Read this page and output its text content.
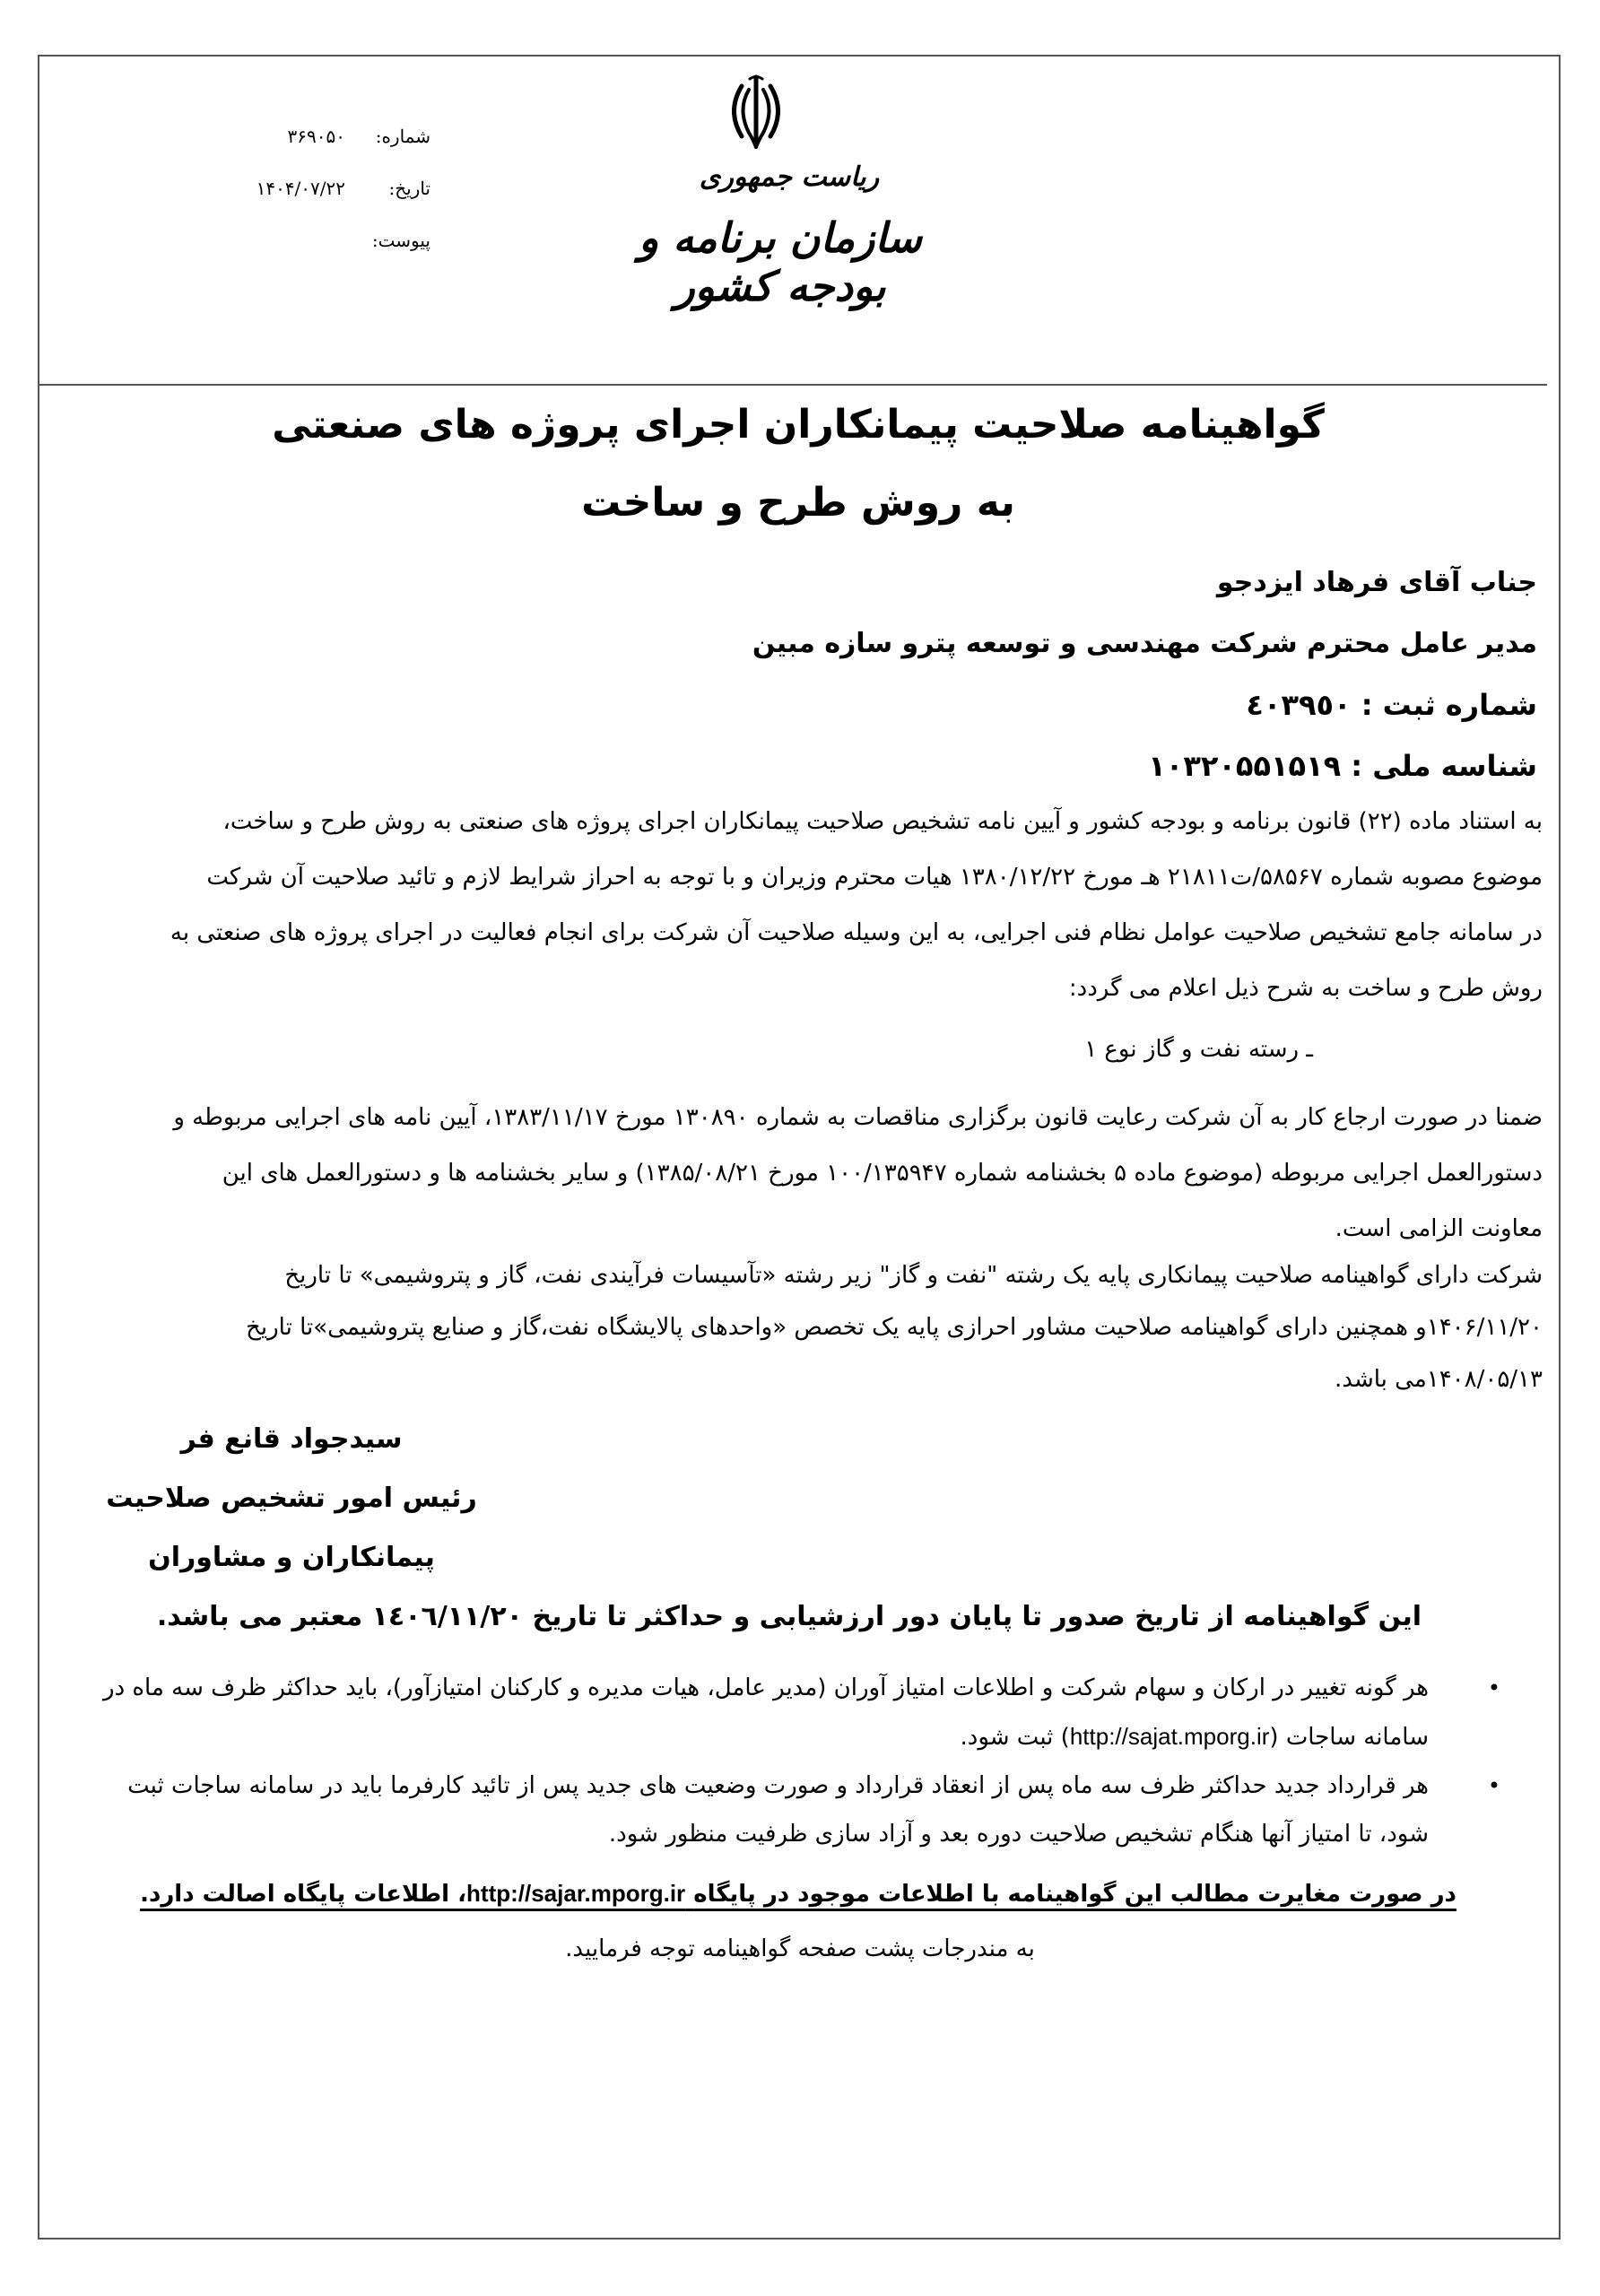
شماره:
۳۶۹۰۵۰
تاریخ:
۱۴۰۴/۰۷/۲۲
پیوست:
ریاست جمهوری
سازمان برنامه و بودجه کشور
گواهینامه صلاحیت پیمانکاران اجرای پروژه های صنعتی
به روش طرح و ساخت
جناب آقای فرهاد ایزدجو
مدیر عامل محترم شرکت مهندسی و توسعه پترو سازه مبین
شماره ثبت : ٤٠٣٩٥٠
شناسه ملی : ۱۰۳۲۰۵۵۱۵۱۹
به استناد ماده (۲۲) قانون برنامه و بودجه کشور و آیین نامه تشخیص صلاحیت پیمانکاران اجرای پروژه های صنعتی به روش طرح و ساخت،
موضوع مصوبه شماره ۵۸۵۶۷/ت۲۱۸۱۱ هـ مورخ ۱۳۸۰/۱۲/۲۲ هیات محترم وزیران و با توجه به احراز شرایط لازم و تائید صلاحیت آن شرکت
در سامانه جامع تشخیص صلاحیت عوامل نظام فنی اجرایی، به این وسیله صلاحیت آن شرکت برای انجام فعالیت در اجرای پروژه های صنعتی به
روش طرح و ساخت به شرح ذیل اعلام می گردد:
ـ رسته نفت و گاز نوع ۱
ضمنا در صورت ارجاع کار به آن شرکت رعایت قانون برگزاری مناقصات به شماره ۱۳۰۸۹۰ مورخ ۱۳۸۳/۱۱/۱۷، آیین نامه های اجرایی مربوطه و
دستورالعمل اجرایی مربوطه (موضوع ماده ۵ بخشنامه شماره ۱۰۰/۱۳۵۹۴۷ مورخ ۱۳۸۵/۰۸/۲۱) و سایر بخشنامه ها و دستورالعمل های این
معاونت الزامی است.
شرکت دارای گواهینامه صلاحیت پیمانکاری پایه یک رشته "نفت و گاز" زیر رشته «تآسیسات فرآیندی نفت، گاز و پتروشیمی» تا تاریخ
۱۴۰۶/۱۱/۲۰و همچنین دارای گواهینامه صلاحیت مشاور احرازی پایه یک تخصص «واحدهای پالایشگاه نفت،گاز و صنایع پتروشیمی»تا تاریخ
۱۴۰۸/۰۵/۱۳می باشد.
سیدجواد قانع فر
رئیس امور تشخیص صلاحیت
پیمانکاران و مشاوران
این گواهینامه از تاریخ صدور تا پایان دور ارزشیابی و حداکثر تا تاریخ ۱٤۰٦/۱۱/۲۰ معتبر می باشد.
•
هر گونه تغییر در ارکان و سهام شرکت و اطلاعات امتیاز آوران (مدیر عامل، هیات مدیره و کارکنان امتیازآور)، باید حداکثر ظرف سه ماه در
سامانه ساجات (http://sajat.mporg.ir) ثبت شود.
•
هر قرارداد جدید حداکثر ظرف سه ماه پس از انعقاد قرارداد و صورت وضعیت های جدید پس از تائید کارفرما باید در سامانه ساجات ثبت
شود، تا امتیاز آنها هنگام تشخیص صلاحیت دوره بعد و آزاد سازی ظرفیت منظور شود.
در صورت مغایرت مطالب این گواهینامه با اطلاعات موجود در پایگاه http://sajar.mporg.ir، اطلاعات پایگاه اصالت دارد.
به مندرجات پشت صفحه گواهینامه توجه فرمایید.
